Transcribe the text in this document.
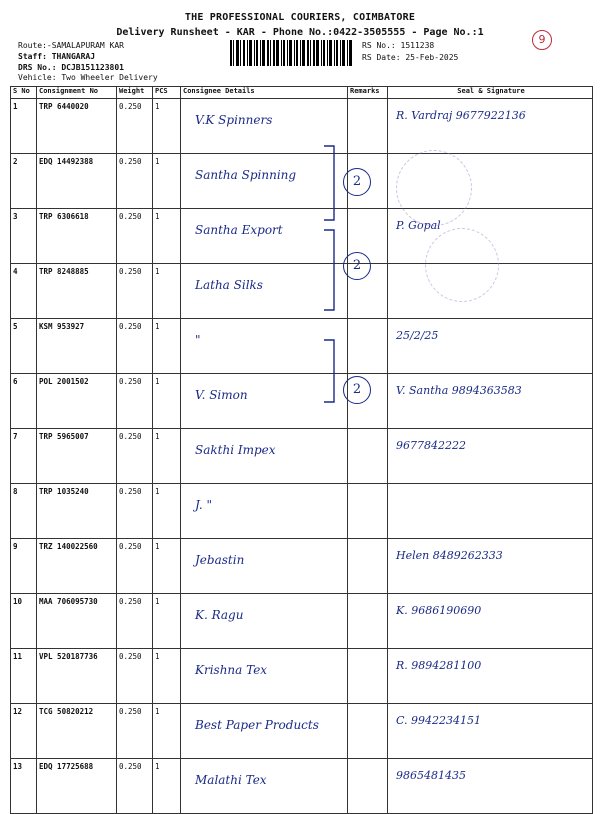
THE PROFESSIONAL COURIERS, COIMBATORE
Delivery Runsheet - KAR - Phone No.:0422-3505555 - Page No.:1
9
Route:-SAMALAPURAM KAR
Staff: THANGARAJ
DRS No.: DCJB151123801
Vehicle: Two Wheeler Delivery
RS No.: 1511238
RS Date: 25-Feb-2025
S No	Consignment No	Weight	PCS	Consignee Details	Remarks	Seal & Signature
1	TRP 6440020	0.250	1	V.K Spinners		R. Vardraj 9677922136
2	EDQ 14492388	0.250	1	Santha Spinning		
3	TRP 6306618	0.250	1	Santha Export		P. Gopal
4	TRP 8248885	0.250	1	Latha Silks		
5	KSM 953927	0.250	1	"		25/2/25
6	POL 2001502	0.250	1	V. Simon		V. Santha 9894363583
7	TRP 5965007	0.250	1	Sakthi Impex		9677842222
8	TRP 1035240	0.250	1	J. "		
9	TRZ 140022560	0.250	1	Jebastin		Helen 8489262333
10	MAA 706095730	0.250	1	K. Ragu		K. 9686190690
11	VPL 520187736	0.250	1	Krishna Tex		R. 9894281100
12	TCG 50820212	0.250	1	Best Paper Products		C. 9942234151
13	EDQ 17725688	0.250	1	Malathi Tex		9865481435
2
2
2
